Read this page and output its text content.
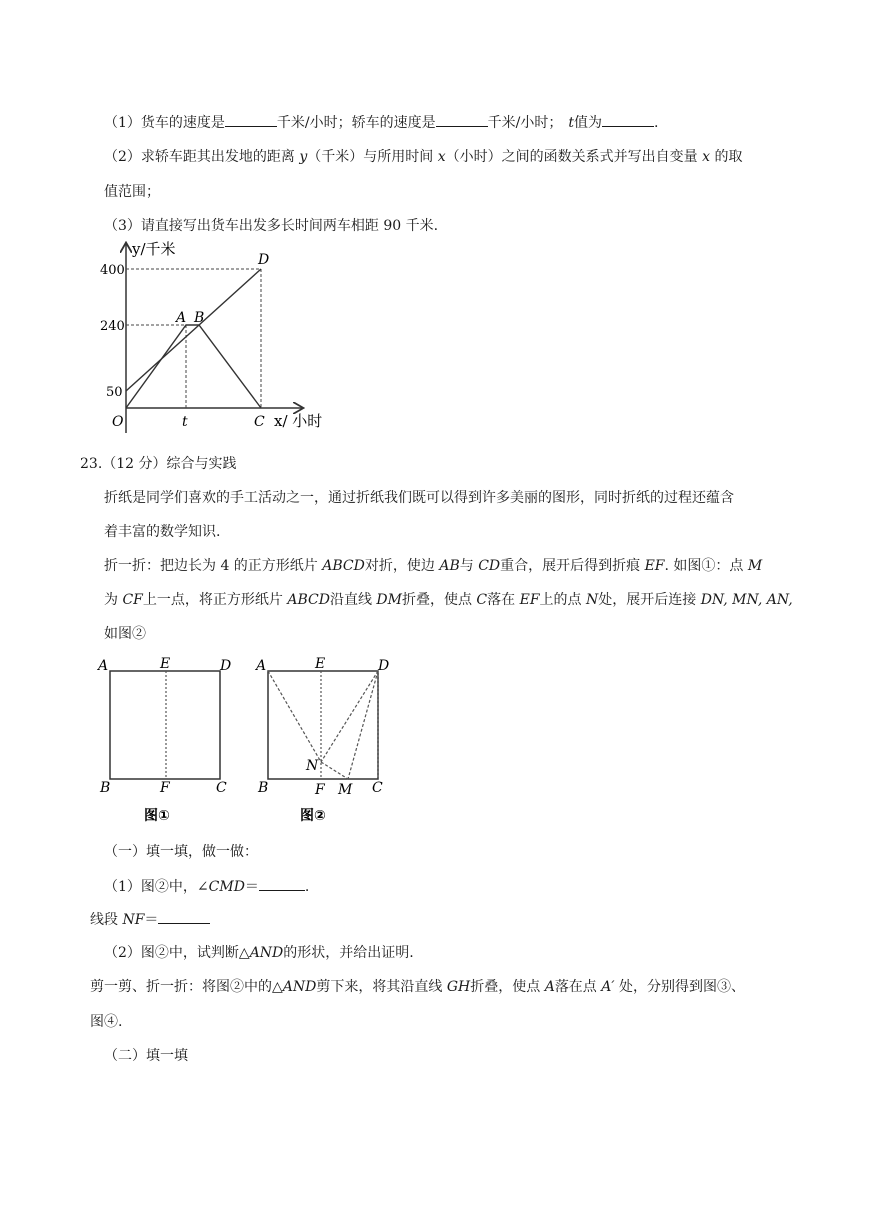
（1）货车的速度是	千米/小时；轿车的速度是	千米/小时； t值为	.
（2）求轿车距其出发地的距离 y（千米）与所用时间 x（小时）之间的函数关系式并写出自变量 x 的取
值范围；
（3）请直接写出货车出发多长时间两车相距 90 千米.
y/千米
400
240
50
O
A B
C
D
t	x/ 小时
23.（12 分）综合与实践
折纸是同学们喜欢的手工活动之一，通过折纸我们既可以得到许多美丽的图形，同时折纸的过程还蕴含
着丰富的数学知识.
折一折：把边长为 4 的正方形纸片 ABCD对折，使边 AB与 CD重合，展开后得到折痕 EF. 如图①：点 M
为 CF上一点，将正方形纸片 ABCD沿直线 DM折叠，使点 C落在 EF上的点 N处，展开后连接 DN, MN, AN,
如图②
A	E	D
B	F	C
图①
A	E	D
N
B	F M C
图②
（一）填一填，做一做：
（1）图②中，∠CMD＝	.
线段 NF＝
（2）图②中，试判断△AND的形状，并给出证明.
剪一剪、折一折：将图②中的△AND剪下来，将其沿直线 GH折叠，使点 A落在点 A′ 处，分别得到图③、
图④.
（二）填一填
